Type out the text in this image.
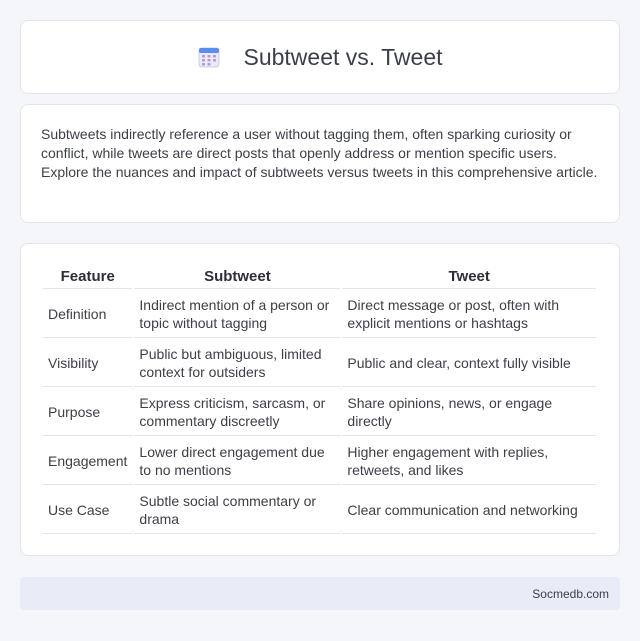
Subtweet vs. Tweet

Subtweets indirectly reference a user without tagging them, often sparking curiosity or conflict, while tweets are direct posts that openly address or mention specific users. Explore the nuances and impact of subtweets versus tweets in this comprehensive article.

Feature	Subtweet	Tweet
Definition	Indirect mention of a person or topic without tagging	Direct message or post, often with explicit mentions or hashtags
Visibility	Public but ambiguous, limited context for outsiders	Public and clear, context fully visible
Purpose	Express criticism, sarcasm, or commentary discreetly	Share opinions, news, or engage directly
Engagement	Lower direct engagement due to no mentions	Higher engagement with replies, retweets, and likes
Use Case	Subtle social commentary or drama	Clear communication and networking
Socmedb.com
